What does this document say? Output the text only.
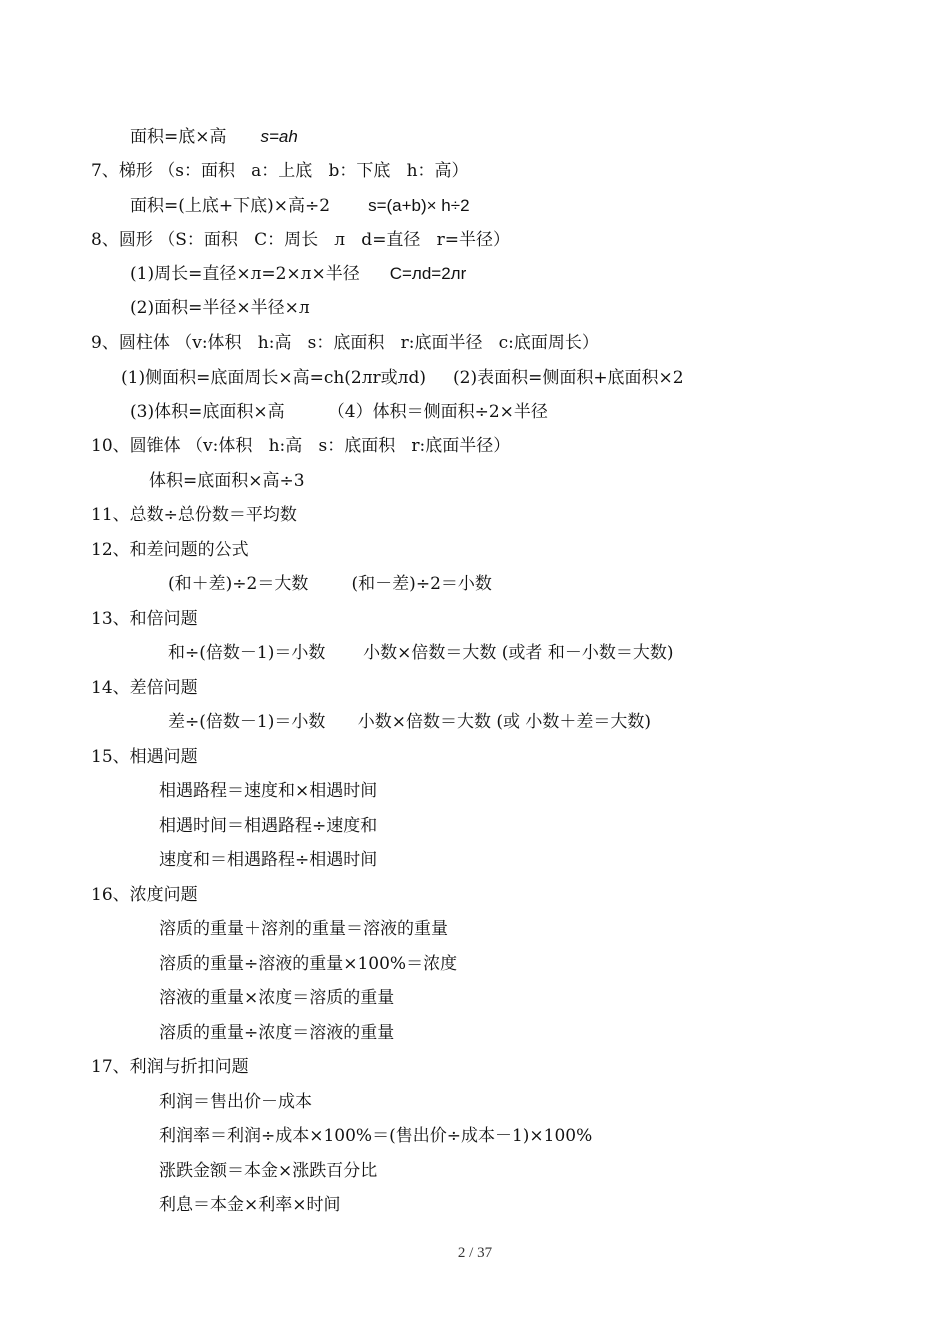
面积=底×高 s=ah
7、梯形 （s：面积   a：上底   b：下底   h：高）
面积=(上底+下底)×高÷2 s=(a+b)× h÷2
8、圆形 （S：面积   C：周长   л   d=直径   r=半径）
(1)周长=直径×л=2×л×半径 C=лd=2лr
(2)面积=半径×半径×л
9、圆柱体 （v:体积   h:高   s：底面积   r:底面半径   c:底面周长）
(1)侧面积=底面周长×高=ch(2лr或лd)     (2)表面积=侧面积+底面积×2
(3)体积=底面积×高        （4）体积＝侧面积÷2×半径
10、圆锥体 （v:体积   h:高   s：底面积   r:底面半径）
体积=底面积×高÷3
11、总数÷总份数＝平均数
12、和差问题的公式
(和＋差)÷2＝大数        (和－差)÷2＝小数
13、和倍问题
和÷(倍数－1)＝小数       小数×倍数＝大数 (或者 和－小数＝大数)
14、差倍问题
差÷(倍数－1)＝小数      小数×倍数＝大数 (或 小数＋差＝大数)
15、相遇问题
相遇路程＝速度和×相遇时间
相遇时间＝相遇路程÷速度和
速度和＝相遇路程÷相遇时间
16、浓度问题
溶质的重量＋溶剂的重量＝溶液的重量
溶质的重量÷溶液的重量×100%＝浓度
溶液的重量×浓度＝溶质的重量
溶质的重量÷浓度＝溶液的重量
17、利润与折扣问题
利润＝售出价－成本
利润率＝利润÷成本×100%＝(售出价÷成本－1)×100%
涨跌金额＝本金×涨跌百分比
利息＝本金×利率×时间
2 / 37
